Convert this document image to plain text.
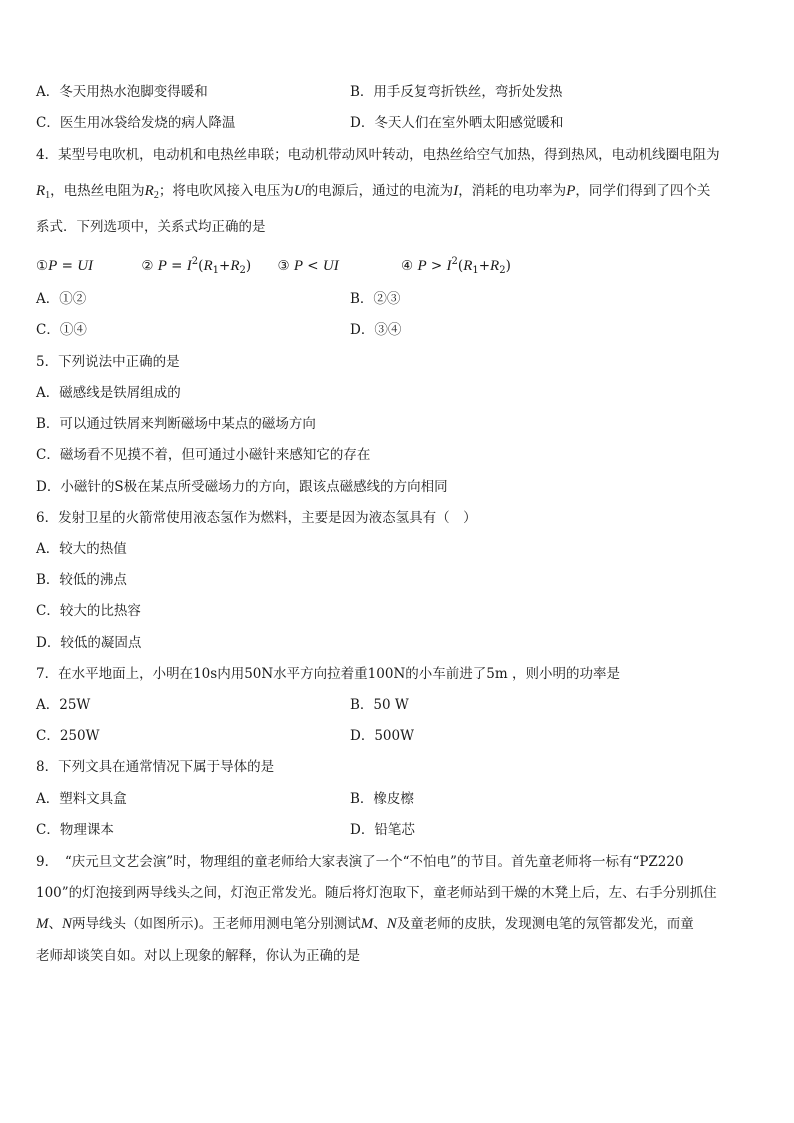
A．冬天用热水泡脚变得暖和	B．用手反复弯折铁丝，弯折处发热
C．医生用冰袋给发烧的病人降温	D．冬天人们在室外晒太阳感觉暖和
4．某型号电吹机，电动机和电热丝串联；电动机带动风叶转动，电热丝给空气加热，得到热风，电动机线圈电阻为
$R_1$，电热丝电阻为$R_2$；将电吹风接入电压为U的电源后，通过的电流为I，消耗的电功率为P，同学们得到了四个关
系式．下列选项中，关系式均正确的是
①P = UI	② $P = I^2(R_1+R_2)$ ③ P < UI	④ $P > I^2(R_1+R_2)$
A．①②	B．②③
C．①④	D．③④
5．下列说法中正确的是
A．磁感线是铁屑组成的
B．可以通过铁屑来判断磁场中某点的磁场方向
C．磁场看不见摸不着，但可通过小磁针来感知它的存在
D．小磁针的S极在某点所受磁场力的方向，跟该点磁感线的方向相同
6．发射卫星的火箭常使用液态氢作为燃料，主要是因为液态氢具有（　）
A．较大的热值
B．较低的沸点
C．较大的比热容
D．较低的凝固点
7．在水平地面上，小明在10s内用50N水平方向拉着重100N的小车前进了5m ，则小明的功率是
A．25W	B．50 W
C．250W	D．500W
8．下列文具在通常情况下属于导体的是
A．塑料文具盒	B．橡皮檫
C．物理课本	D．铅笔芯
9．　“庆元旦文艺会演”时，物理组的童老师给大家表演了一个“不怕电”的节目。首先童老师将一标有“PZ220
100”的灯泡接到两导线头之间，灯泡正常发光。随后将灯泡取下，童老师站到干燥的木凳上后，左、右手分别抓住
M、N两导线头（如图所示)。王老师用测电笔分别测试M、N及童老师的皮肤，发现测电笔的氖管都发光，而童
老师却谈笑自如。对以上现象的解释，你认为正确的是
